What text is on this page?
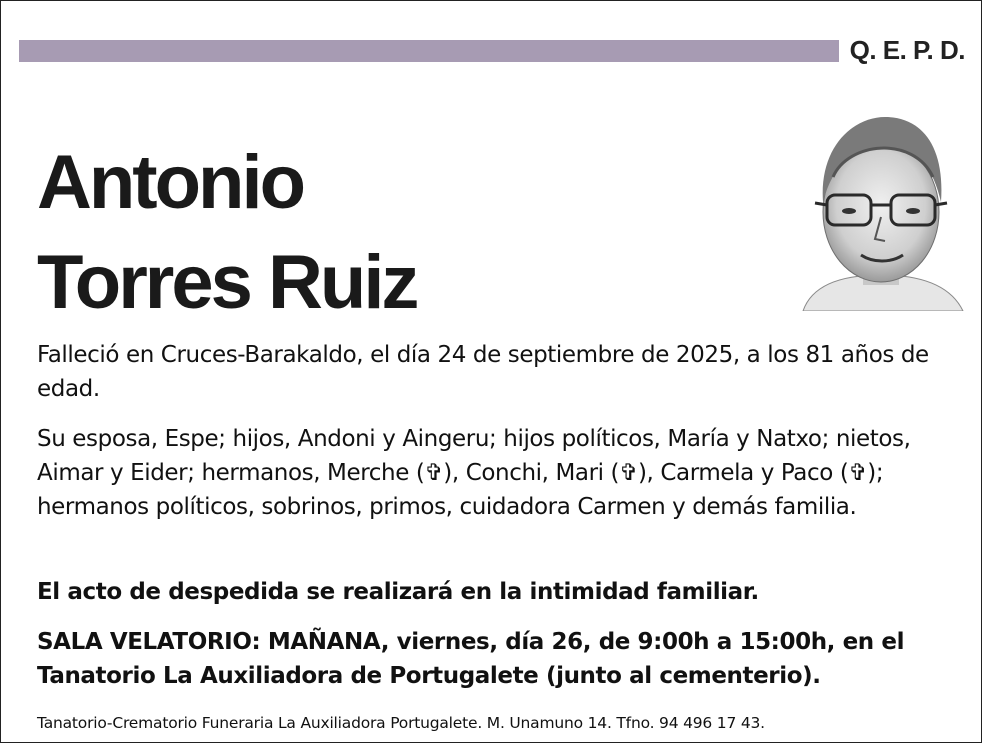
Q. E. P. D.
Antonio
Torres Ruiz
Falleció en Cruces-Barakaldo, el día 24 de septiembre de 2025, a los 81 años de edad.
Su esposa, Espe; hijos, Andoni y Aingeru; hijos políticos, María y Natxo; nietos, Aimar y Eider; hermanos, Merche (✞), Conchi, Mari (✞), Carmela y Paco (✞); hermanos políticos, sobrinos, primos, cuidadora Carmen y demás familia.
El acto de despedida se realizará en la intimidad familiar.
SALA VELATORIO: MAÑANA, viernes, día 26, de 9:00h a 15:00h, en el Tanatorio La Auxiliadora de Portugalete (junto al cementerio).
Tanatorio-Crematorio Funeraria La Auxiliadora Portugalete. M. Unamuno 14. Tfno. 94 496 17 43.
